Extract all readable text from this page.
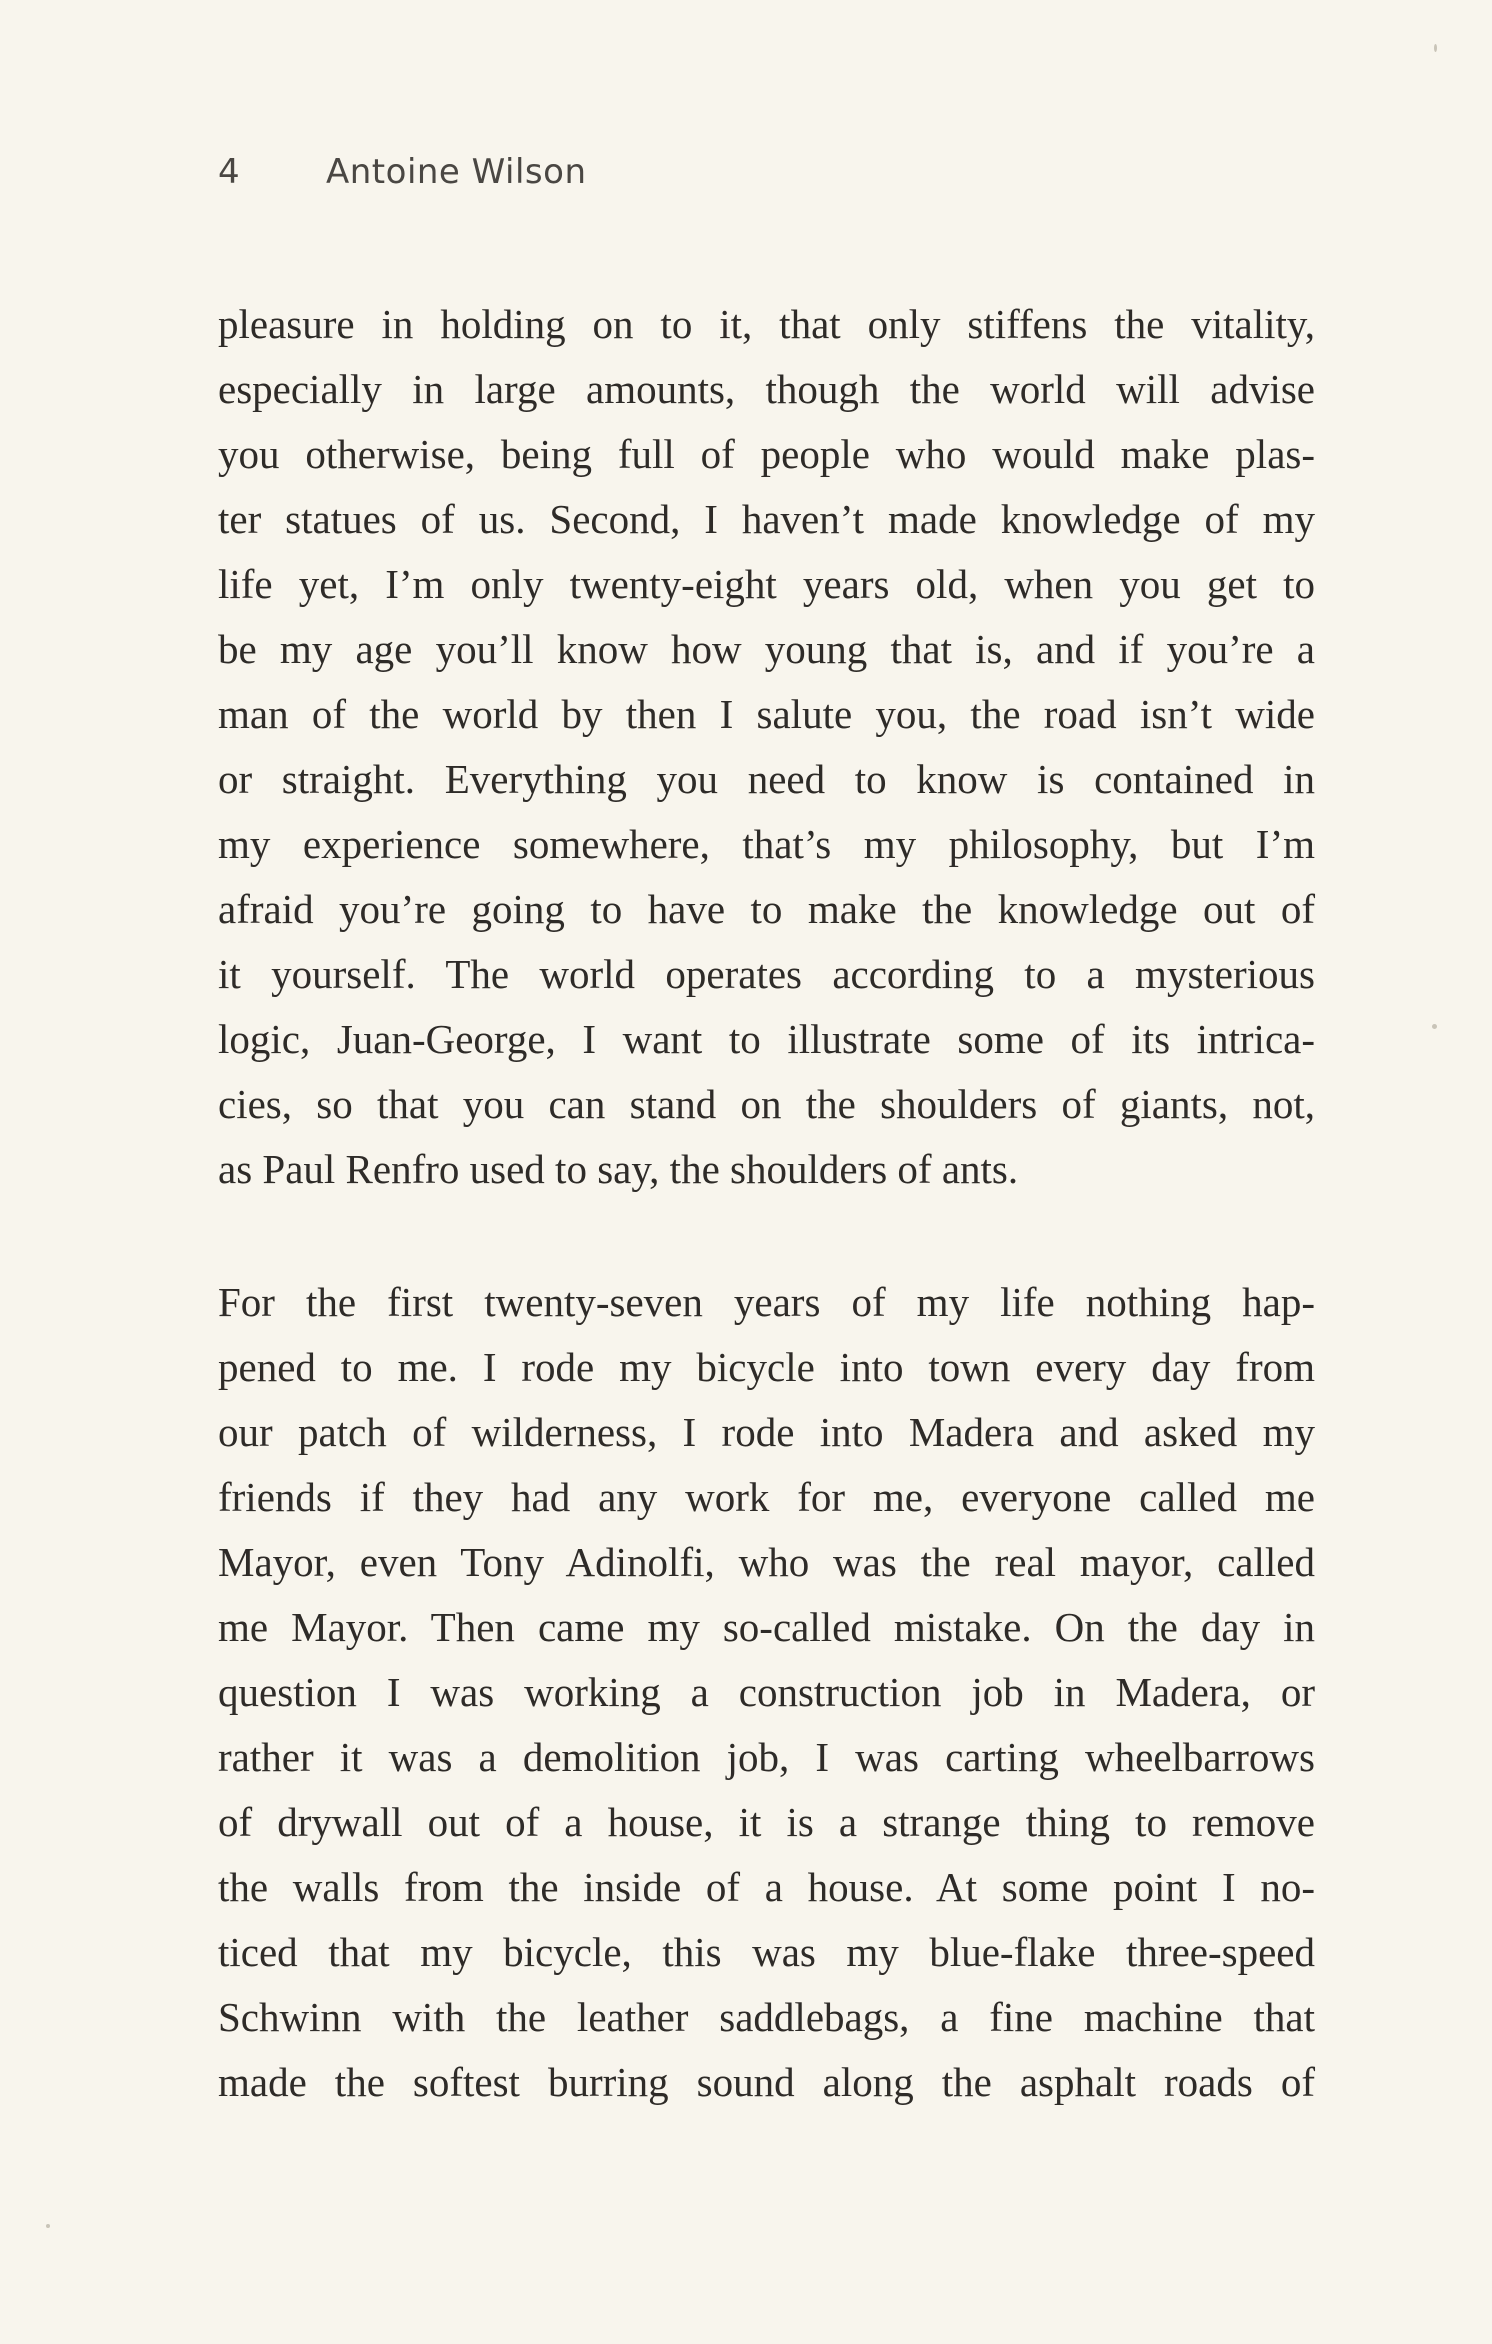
4	Antoine Wilson
pleasure in holding on to it, that only stiffens the vitality,
especially in large amounts, though the world will advise
you otherwise, being full of people who would make plas-
ter statues of us. Second, I haven’t made knowledge of my
life yet, I’m only twenty-eight years old, when you get to
be my age you’ll know how young that is, and if you’re a
man of the world by then I salute you, the road isn’t wide
or straight. Everything you need to know is contained in
my experience somewhere, that’s my philosophy, but I’m
afraid you’re going to have to make the knowledge out of
it yourself. The world operates according to a mysterious
logic, Juan-George, I want to illustrate some of its intrica-
cies, so that you can stand on the shoulders of giants, not,
as Paul Renfro used to say, the shoulders of ants.
For the first twenty-seven years of my life nothing hap-
pened to me. I rode my bicycle into town every day from
our patch of wilderness, I rode into Madera and asked my
friends if they had any work for me, everyone called me
Mayor, even Tony Adinolfi, who was the real mayor, called
me Mayor. Then came my so-called mistake. On the day in
question I was working a construction job in Madera, or
rather it was a demolition job, I was carting wheelbarrows
of drywall out of a house, it is a strange thing to remove
the walls from the inside of a house. At some point I no-
ticed that my bicycle, this was my blue-flake three-speed
Schwinn with the leather saddlebags, a fine machine that
made the softest burring sound along the asphalt roads of
